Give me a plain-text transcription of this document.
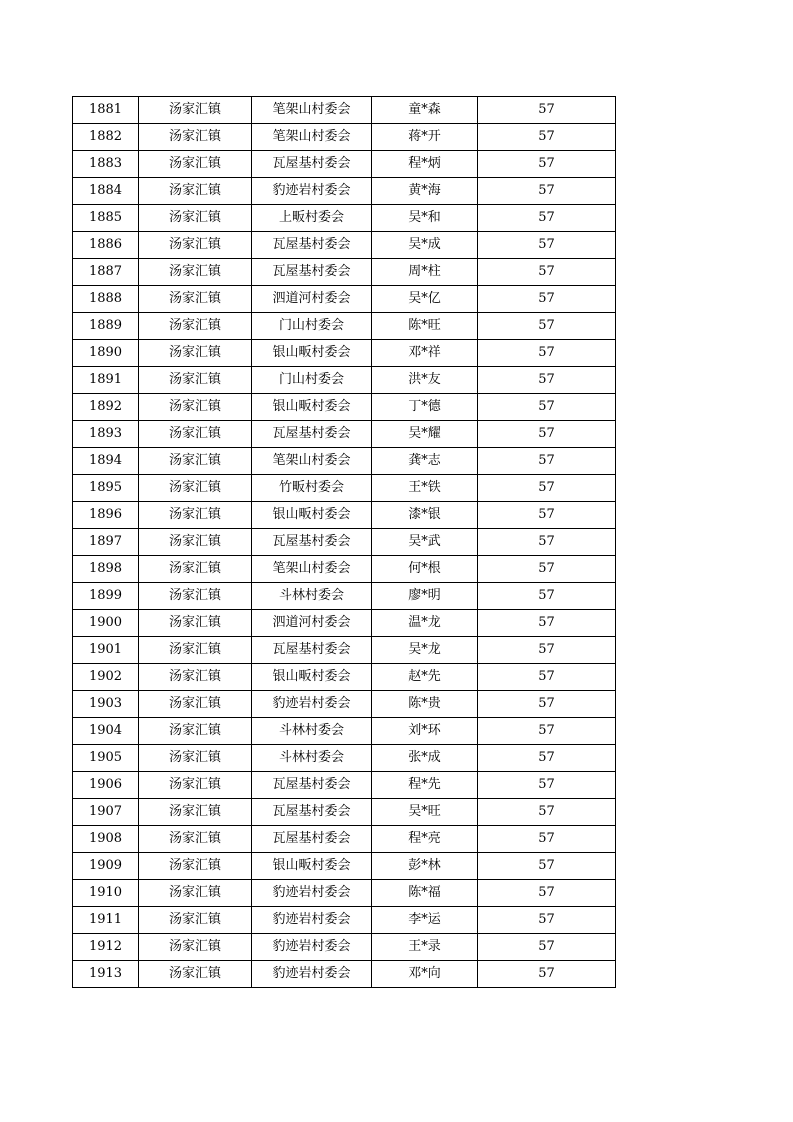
1881	汤家汇镇	笔架山村委会	童*森	57
1882	汤家汇镇	笔架山村委会	蒋*开	57
1883	汤家汇镇	瓦屋基村委会	程*炳	57
1884	汤家汇镇	豹迹岩村委会	黄*海	57
1885	汤家汇镇	上畈村委会	吴*和	57
1886	汤家汇镇	瓦屋基村委会	吴*成	57
1887	汤家汇镇	瓦屋基村委会	周*柱	57
1888	汤家汇镇	泗道河村委会	吴*亿	57
1889	汤家汇镇	门山村委会	陈*旺	57
1890	汤家汇镇	银山畈村委会	邓*祥	57
1891	汤家汇镇	门山村委会	洪*友	57
1892	汤家汇镇	银山畈村委会	丁*德	57
1893	汤家汇镇	瓦屋基村委会	吴*耀	57
1894	汤家汇镇	笔架山村委会	龚*志	57
1895	汤家汇镇	竹畈村委会	王*铁	57
1896	汤家汇镇	银山畈村委会	漆*银	57
1897	汤家汇镇	瓦屋基村委会	吴*武	57
1898	汤家汇镇	笔架山村委会	何*根	57
1899	汤家汇镇	斗林村委会	廖*明	57
1900	汤家汇镇	泗道河村委会	温*龙	57
1901	汤家汇镇	瓦屋基村委会	吴*龙	57
1902	汤家汇镇	银山畈村委会	赵*先	57
1903	汤家汇镇	豹迹岩村委会	陈*贵	57
1904	汤家汇镇	斗林村委会	刘*环	57
1905	汤家汇镇	斗林村委会	张*成	57
1906	汤家汇镇	瓦屋基村委会	程*先	57
1907	汤家汇镇	瓦屋基村委会	吴*旺	57
1908	汤家汇镇	瓦屋基村委会	程*亮	57
1909	汤家汇镇	银山畈村委会	彭*林	57
1910	汤家汇镇	豹迹岩村委会	陈*福	57
1911	汤家汇镇	豹迹岩村委会	李*运	57
1912	汤家汇镇	豹迹岩村委会	王*录	57
1913	汤家汇镇	豹迹岩村委会	邓*向	57
